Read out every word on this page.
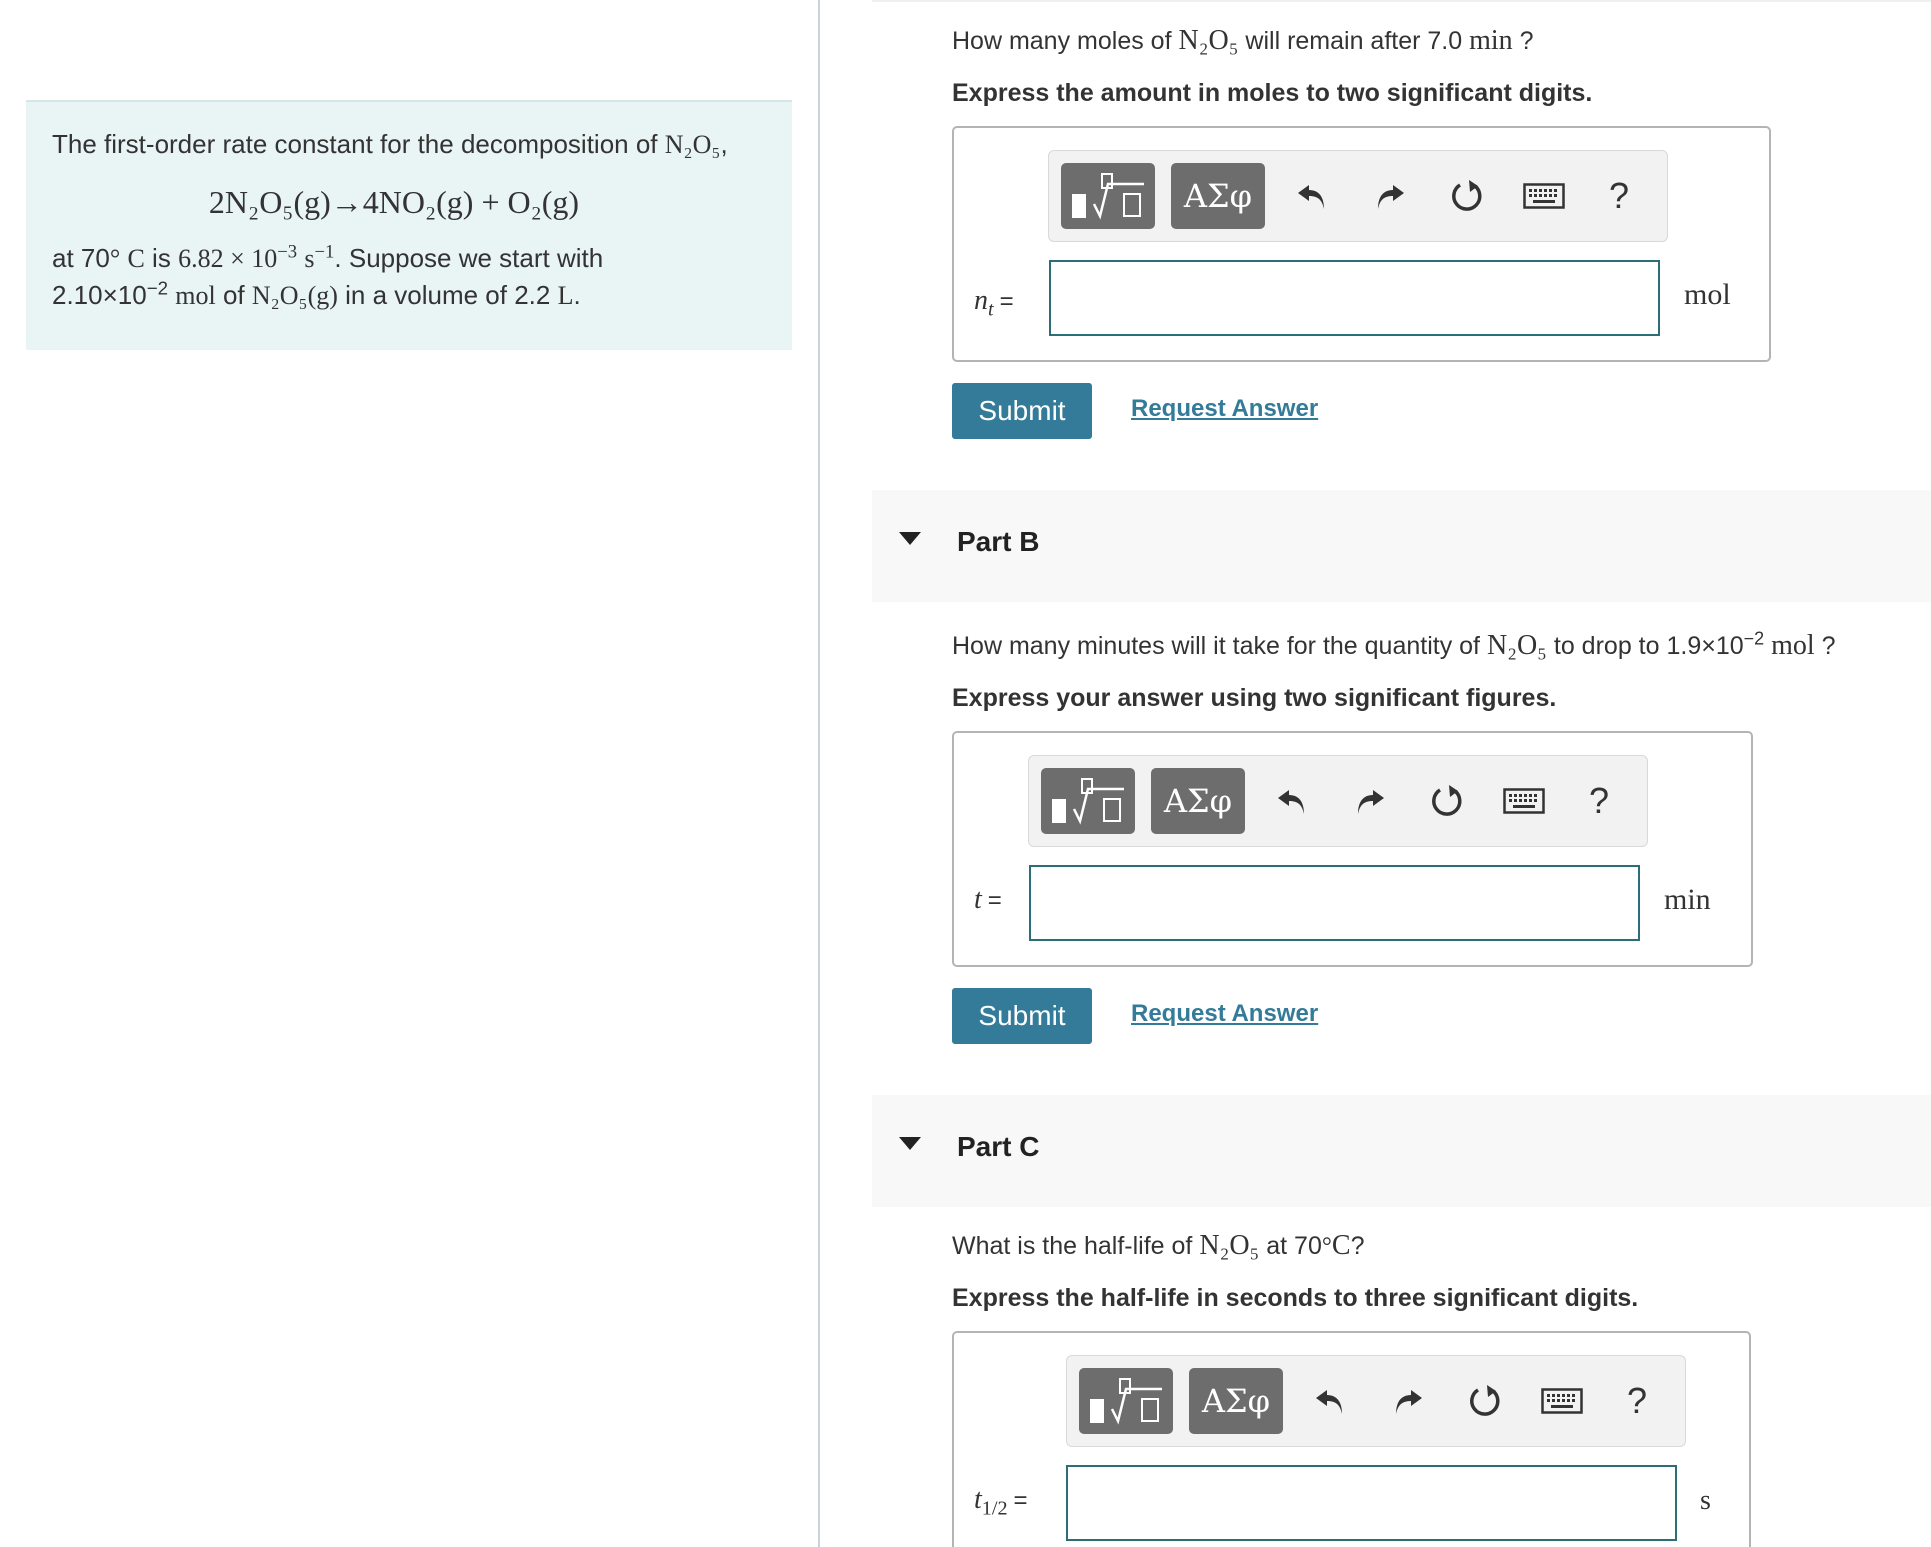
The first-order rate constant for the decomposition of N₂O₅,
2N₂O₅(g)→4NO₂(g) + O₂(g)
at 70° C is $6.82 \times 10^{-3}$ $s^{-1}$. Suppose we start with
$2.10\times 10^{-2}$ mol of N₂O₅(g) in a volume of 2.2 L.
How many moles of N₂O₅ will remain after 7.0 min ?
Express the amount in moles to two significant digits.
ΑΣφ	?
$n_t$ =	mol
Submit	Request Answer
Part B
How many minutes will it take for the quantity of N₂O₅ to drop to $1.9\times 10^{-2}$ mol ?
Express your answer using two significant figures.
ΑΣφ	?
t =	min
Submit	Request Answer
Part C
What is the half-life of N₂O₅ at 70°C?
Express the half-life in seconds to three significant digits.
ΑΣφ	?
$t_{1/2}$ =	s
